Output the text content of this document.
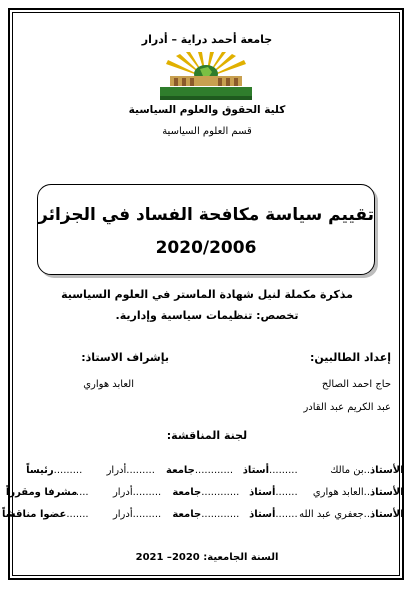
جامعة أحمد دراية – أدرار
كلية الحقوق والعلوم السياسية
قسم العلوم السياسية
تقييم سياسة مكافحة الفساد في الجزائر
2020/2006
مذكرة مكملة لنيل شهادة الماستر في العلوم السياسية
تخصص: تنظيمات سياسية وإدارية.
إعداد الطالبين:
بإشراف الاستاذ:
حاج احمد الصالح
عبد الكريم عبد القادر
العابد هواري
لجنة المناقشة:
الأستاذ
..
بن مالك
.........
أستاذ
............
جامعة
.........
أدرار
.........
رئيساً
الأستاذ
..
العابد هواري
.......
أستاذ
............
جامعة
.........
أدرار
....
مشرفا ومقرراً
الأستاذ
..
جعفري عبد الله
.......
أستاذ
............
جامعة
.........
أدرار
.......
عضوا مناقشاً
السنة الجامعية: 2020– 2021
